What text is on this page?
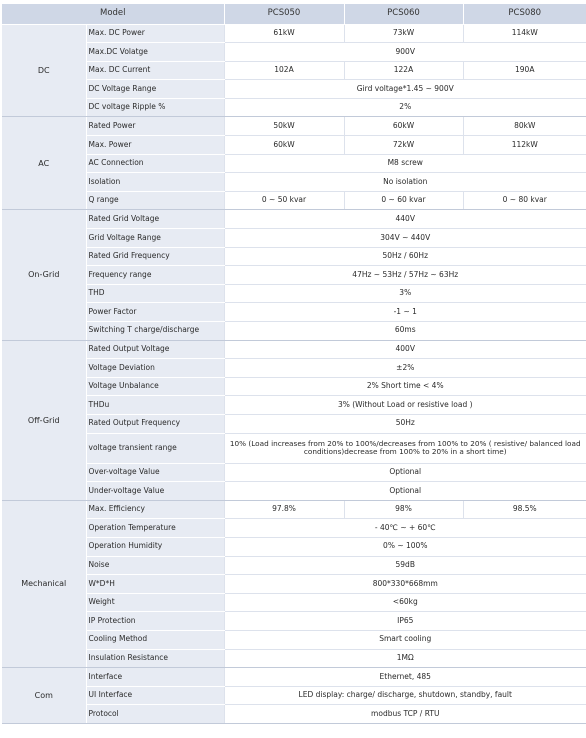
Model		PCS050	PCS060	PCS080
DC	Max. DC Power	61kW	73kW	114kW
	Max.DC Volatge	900V		
	Max. DC Current	102A	122A	190A
	DC Voltage Range	Gird voltage*1.45 ~ 900V		
	DC voltage Ripple %	2%		
AC	Rated Power	50kW	60kW	80kW
	Max. Power	60kW	72kW	112kW
	AC Connection	M8 screw		
	Isolation	No isolation		
	Q range	0 ~ 50 kvar	0 ~ 60 kvar	0 ~ 80 kvar
On-Grid	Rated Grid Voltage	440V		
	Grid Voltage Range	304V ~ 440V		
	Rated Grid Frequency	50Hz / 60Hz		
	Frequency range	47Hz ~ 53Hz / 57Hz ~ 63Hz		
	THD	3%		
	Power Factor	-1 ~ 1		
	Switching T charge/discharge	60ms		
Off-Grid	Rated Output Voltage	400V		
	Voltage Deviation	±2%		
	Voltage Unbalance	2% Short time < 4%		
	THDu	3% (Without Load or resistive load )		
	Rated Output Frequency	50Hz		
	voltage transient range	10% (Load increases from 20% to 100%/decreases from 100% to 20% ( resistive/ balanced load conditions)decrease from 100% to 20% in a short time)		
	Over-voltage Value	Optional		
	Under-voltage Value	Optional		
Mechanical	Max. Efficiency	97.8%	98%	98.5%
	Operation Temperature	- 40℃ ~ + 60℃		
	Operation Humidity	0% ~ 100%		
	Noise	59dB		
	W*D*H	800*330*668mm		
	Weight	<60kg		
	IP Protection	IP65		
	Cooling Method	Smart cooling		
	Insulation Resistance	1MΩ		
Com	Interface	Ethernet, 485		
	UI Interface	LED display: charge/ discharge, shutdown, standby, fault		
	Protocol	modbus TCP / RTU		
